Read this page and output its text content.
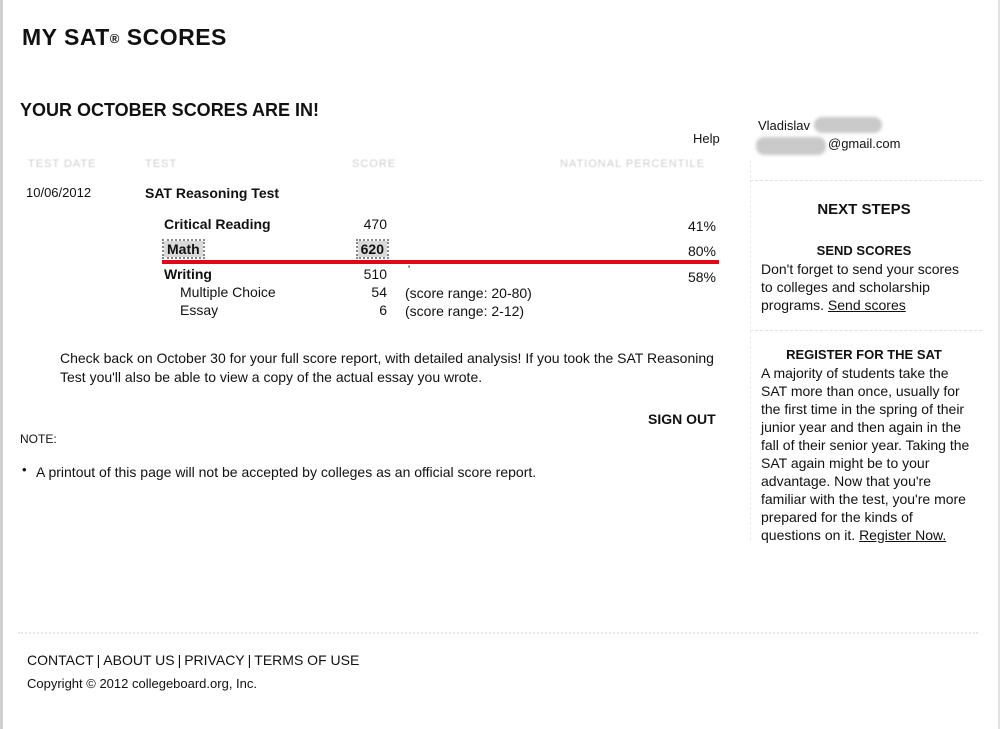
MY SAT® SCORES
YOUR OCTOBER SCORES ARE IN!
Help
Vladislav
@gmail.com
TEST DATE	TEST	SCORE	NATIONAL PERCENTILE
10/06/2012	SAT Reasoning Test
Critical Reading	470	41%
Math	620	80%
Writing	510 '	58%
Multiple Choice	54 (score range: 20-80)
Essay	6 (score range: 2-12)
Check back on October 30 for your full score report, with detailed analysis! If you took the SAT Reasoning Test you'll also be able to view a copy of the actual essay you wrote.
SIGN OUT
NOTE:
• A printout of this page will not be accepted by colleges as an official score report.
NEXT STEPS
SEND SCORES
Don't forget to send your scores to colleges and scholarship programs. Send scores
REGISTER FOR THE SAT
A majority of students take the SAT more than once, usually for the first time in the spring of their junior year and then again in the fall of their senior year. Taking the SAT again might be to your advantage. Now that you're familiar with the test, you're more prepared for the kinds of questions on it. Register Now.
CONTACT | ABOUT US | PRIVACY | TERMS OF USE
Copyright © 2012 collegeboard.org, Inc.
